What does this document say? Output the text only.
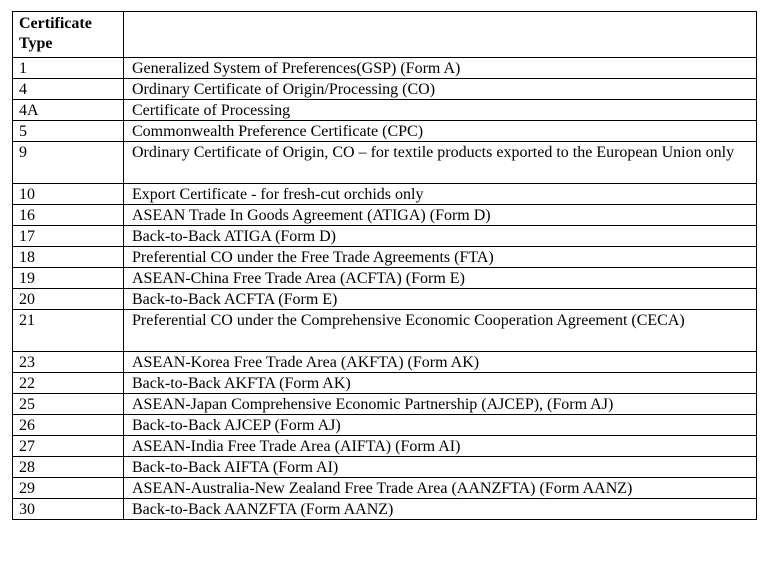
Certificate Type	
1	Generalized System of Preferences(GSP) (Form A)
4	Ordinary Certificate of Origin/Processing (CO)
4A	Certificate of Processing
5	Commonwealth Preference Certificate (CPC)
9	Ordinary Certificate of Origin, CO – for textile products exported to the European Union only
10	Export Certificate - for fresh-cut orchids only
16	ASEAN Trade In Goods Agreement (ATIGA) (Form D)
17	Back-to-Back ATIGA (Form D)
18	Preferential CO under the Free Trade Agreements (FTA)
19	ASEAN-China Free Trade Area (ACFTA) (Form E)
20	Back-to-Back ACFTA (Form E)
21	Preferential CO under the Comprehensive Economic Cooperation Agreement (CECA)
23	ASEAN-Korea Free Trade Area (AKFTA) (Form AK)
22	Back-to-Back AKFTA (Form AK)
25	ASEAN-Japan Comprehensive Economic Partnership (AJCEP), (Form AJ)
26	Back-to-Back AJCEP (Form AJ)
27	ASEAN-India Free Trade Area (AIFTA) (Form AI)
28	Back-to-Back AIFTA (Form AI)
29	ASEAN-Australia-New Zealand Free Trade Area (AANZFTA) (Form AANZ)
30	Back-to-Back AANZFTA (Form AANZ)
